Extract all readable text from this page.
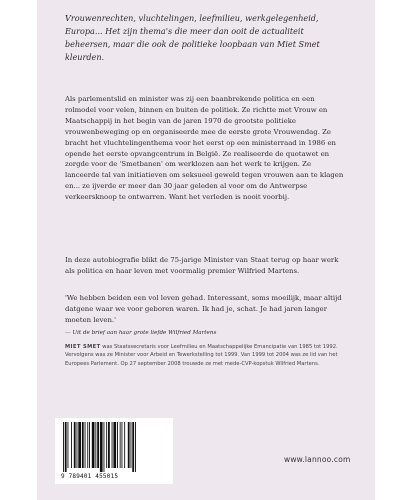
Vrouwenrechten, vluchtelingen, leefmilieu, werkgelegenheid, Europa... Het zijn thema's die meer dan ooit de actualiteit beheersen, maar die ook de politieke loopbaan van Miet Smet kleurden.
Als parlementslid en minister was zij een baanbrekende politica en een rolmodel voor velen, binnen en buiten de politiek. Ze richtte met Vrouw en Maatschappij in het begin van de jaren 1970 de grootste politieke vrouwenbeweging op en organiseerde mee de eerste grote Vrouwendag. Ze bracht het vluchtelingenthema voor het eerst op een ministerraad in 1986 en opende het eerste opvangcentrum in België. Ze realiseerde de quotawet en zorgde voor de 'Smetbanen' om werklozen aan het werk te krijgen. Ze lanceerde tal van initiatieven om seksueel geweld tegen vrouwen aan te klagen en... ze ijverde er meer dan 30 jaar geleden al voor om de Antwerpse verkeersknoop te ontwarren. Want het verleden is nooit voorbij.
In deze autobiografie blikt de 75-jarige Minister van Staat terug op haar werk als politica en haar leven met voormalig premier Wilfried Martens.
'We hebben beiden een vol leven gehad. Interessant, soms moeilijk, maar altijd datgene waar we voor geboren waren. Ik had je, schat. Je had jaren langer moeten leven.'
— Uit de brief aan haar grote liefde Wilfried Martens
MIET SMET was Staatssecretaris voor Leefmilieu en Maatschappelijke Emancipatie van 1985 tot 1992. Vervolgens was ze Minister voor Arbeid en Tewerkstelling tot 1999. Van 1999 tot 2004 was ze lid van het Europees Parlement. Op 27 september 2008 trouwde ze met mede-CVP-kopstuk Wilfried Martens.
9 789401 455015
www.lannoo.com
